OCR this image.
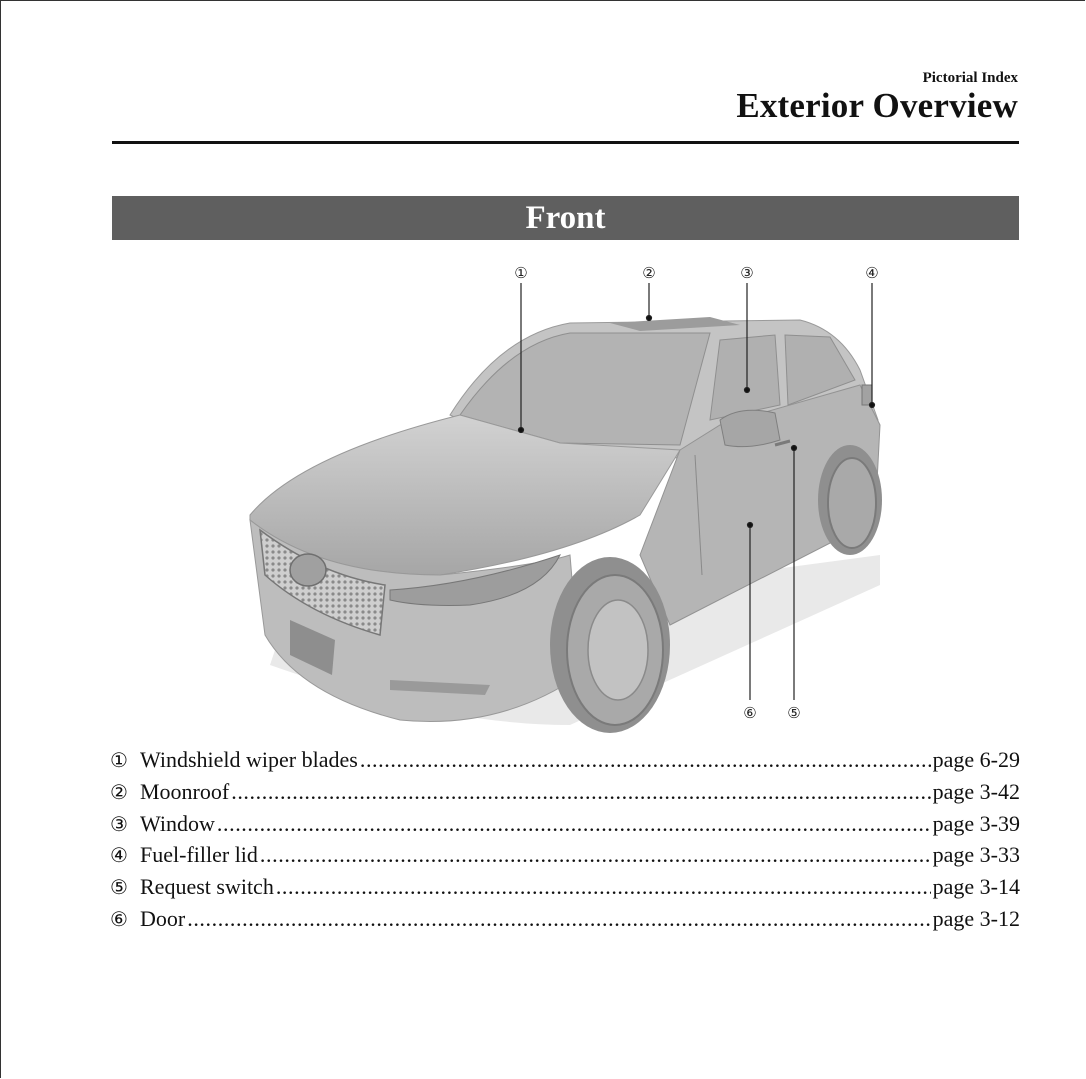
Pictorial Index
Exterior Overview
Front
①	②	③	④
⑥ ⑤
① Windshield wiper blades .....	page 6-29
② Moonroof .....	page 3-42
③ Window .....	page 3-39
④ Fuel-filler lid .....	page 3-33
⑤ Request switch .....	page 3-14
⑥ Door .....	page 3-12
